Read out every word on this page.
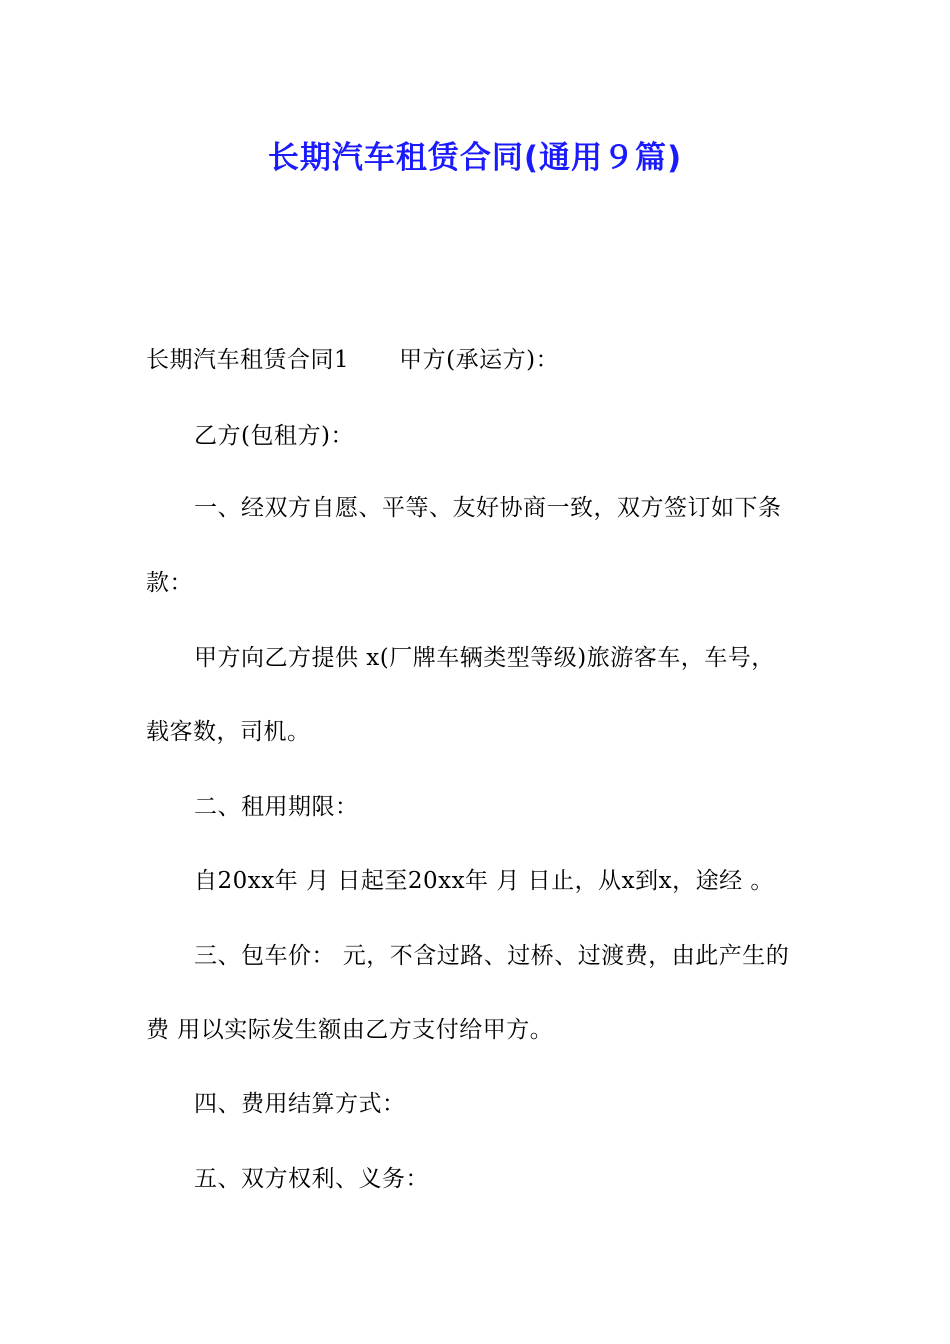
长期汽车租赁合同(通用９篇)
长期汽车租赁合同1 甲方(承运方)：
乙方(包租方)：
一、经双方自愿、平等、友好协商一致，双方签订如下条
款：
甲方向乙方提供 x(厂牌车辆类型等级)旅游客车，车号，
载客数，司机。
二、租用期限：
自20xx年 月 日起至20xx年 月 日止，从x到x，途经 。
三、包车价： 元，不含过路、过桥、过渡费，由此产生的
费 用以实际发生额由乙方支付给甲方。
四、费用结算方式：
五、双方权利、义务：
